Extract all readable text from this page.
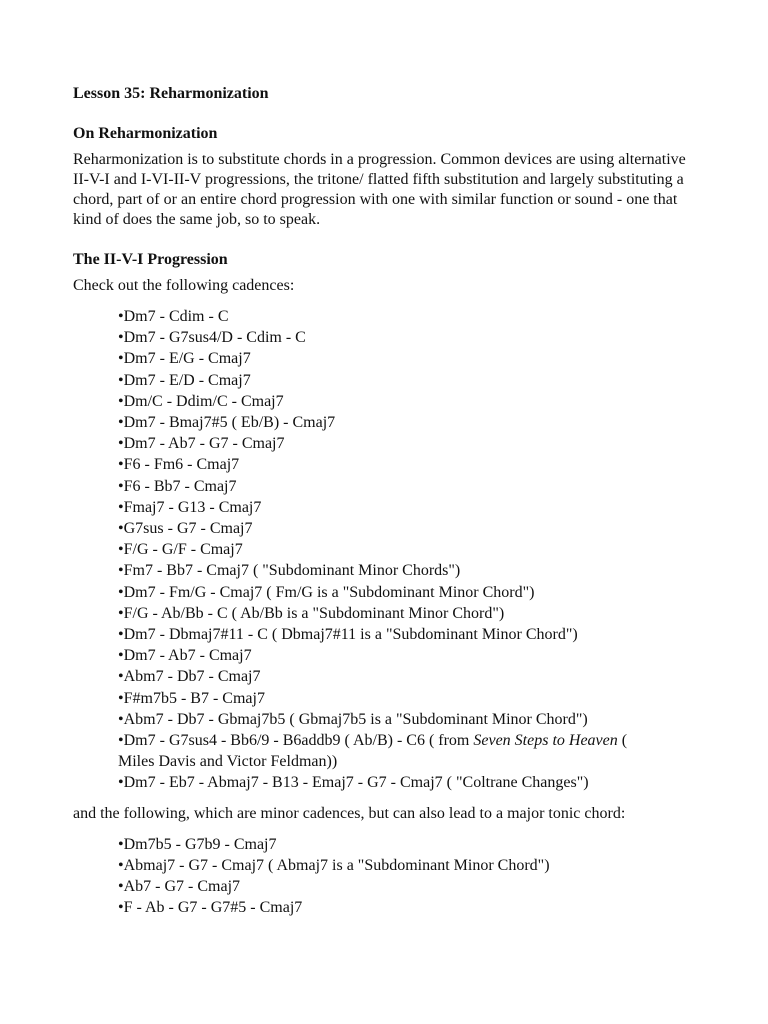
Lesson 35: Reharmonization
On Reharmonization
Reharmonization is to substitute chords in a progression. Common devices are using alternative II-V-I and I-VI-II-V progressions, the tritone/ flatted fifth substitution and largely substituting a chord, part of or an entire chord progression with one with similar function or sound - one that kind of does the same job, so to speak.
The II-V-I Progression
Check out the following cadences:
•Dm7 - Cdim - C
•Dm7 - G7sus4/D - Cdim - C
•Dm7 - E/G - Cmaj7
•Dm7 - E/D - Cmaj7
•Dm/C - Ddim/C - Cmaj7
•Dm7 - Bmaj7#5 ( Eb/B) - Cmaj7
•Dm7 - Ab7 - G7 - Cmaj7
•F6 - Fm6 - Cmaj7
•F6 - Bb7 - Cmaj7
•Fmaj7 - G13 - Cmaj7
•G7sus - G7 - Cmaj7
•F/G - G/F - Cmaj7
•Fm7 - Bb7 - Cmaj7 ( "Subdominant Minor Chords")
•Dm7 - Fm/G - Cmaj7 ( Fm/G is a "Subdominant Minor Chord")
•F/G - Ab/Bb - C ( Ab/Bb is a "Subdominant Minor Chord")
•Dm7 - Dbmaj7#11 - C ( Dbmaj7#11 is a "Subdominant Minor Chord")
•Dm7 - Ab7 - Cmaj7
•Abm7 - Db7 - Cmaj7
•F#m7b5 - B7 - Cmaj7
•Abm7 - Db7 - Gbmaj7b5 ( Gbmaj7b5 is a "Subdominant Minor Chord")
•Dm7 - G7sus4 - Bb6/9 - B6addb9 ( Ab/B) - C6 ( from Seven Steps to Heaven (
Miles Davis and Victor Feldman))
•Dm7 - Eb7 - Abmaj7 - B13 - Emaj7 - G7 - Cmaj7 ( "Coltrane Changes")
and the following, which are minor cadences, but can also lead to a major tonic chord:
•Dm7b5 - G7b9 - Cmaj7
•Abmaj7 - G7 - Cmaj7 ( Abmaj7 is a "Subdominant Minor Chord")
•Ab7 - G7 - Cmaj7
•F - Ab - G7 - G7#5 - Cmaj7
